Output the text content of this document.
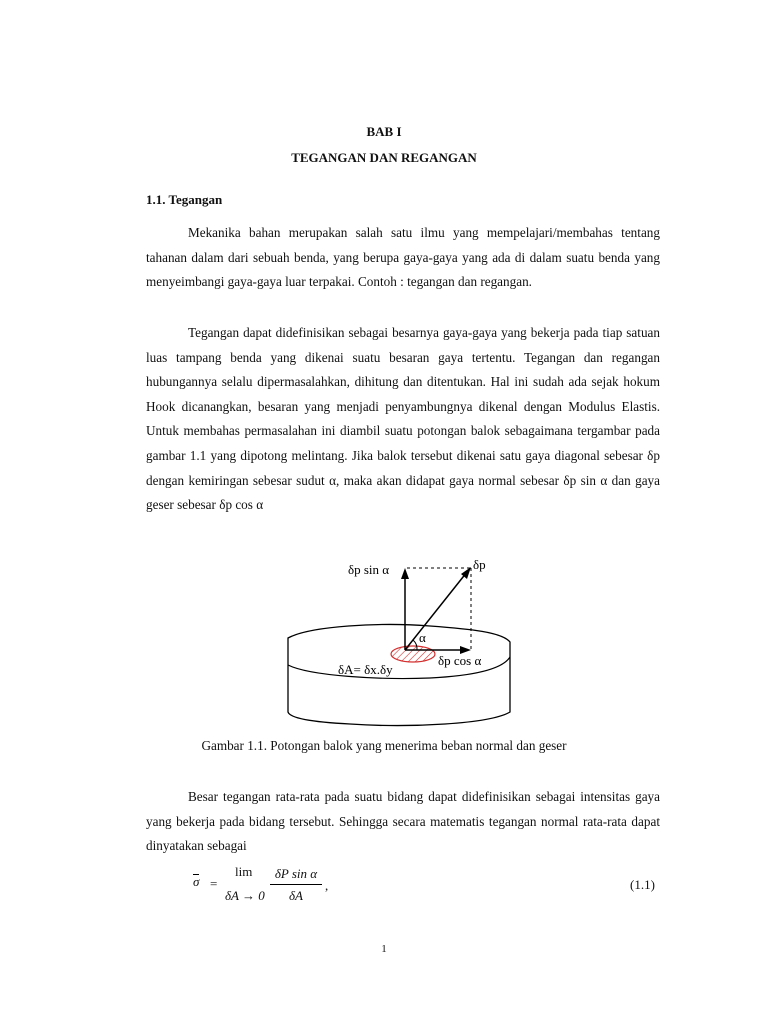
BAB I
TEGANGAN DAN REGANGAN
1.1. Tegangan

Mekanika bahan merupakan salah satu ilmu yang mempelajari/membahas tentang tahanan dalam dari sebuah benda, yang berupa gaya-gaya yang ada di dalam suatu benda yang menyeimbangi gaya-gaya luar terpakai. Contoh : tegangan dan regangan.

Tegangan dapat didefinisikan sebagai besarnya gaya-gaya yang bekerja pada tiap satuan luas tampang benda yang dikenai suatu besaran gaya tertentu. Tegangan dan regangan hubungannya selalu dipermasalahkan, dihitung dan ditentukan. Hal ini sudah ada sejak hokum Hook dicanangkan, besaran yang menjadi penyambungnya dikenal dengan Modulus Elastis. Untuk membahas permasalahan ini diambil suatu potongan balok sebagaimana tergambar pada gambar 1.1 yang dipotong melintang. Jika balok tersebut dikenai satu gaya diagonal sebesar δp dengan kemiringan sebesar sudut α, maka akan didapat gaya normal sebesar δp sin α dan gaya geser sebesar δp cos α

δp
δp sin α
α
δp cos α
δA= δx.δy
Gambar 1.1. Potongan balok yang menerima beban normal dan geser

Besar tegangan rata-rata pada suatu bidang dapat didefinisikan sebagai intensitas gaya yang bekerja pada bidang tersebut. Sehingga secara matematis tegangan normal rata-rata dapat dinyatakan sebagai

σ =
lim
δA → 0
δP sin α
δA
,	(1.1)
1
